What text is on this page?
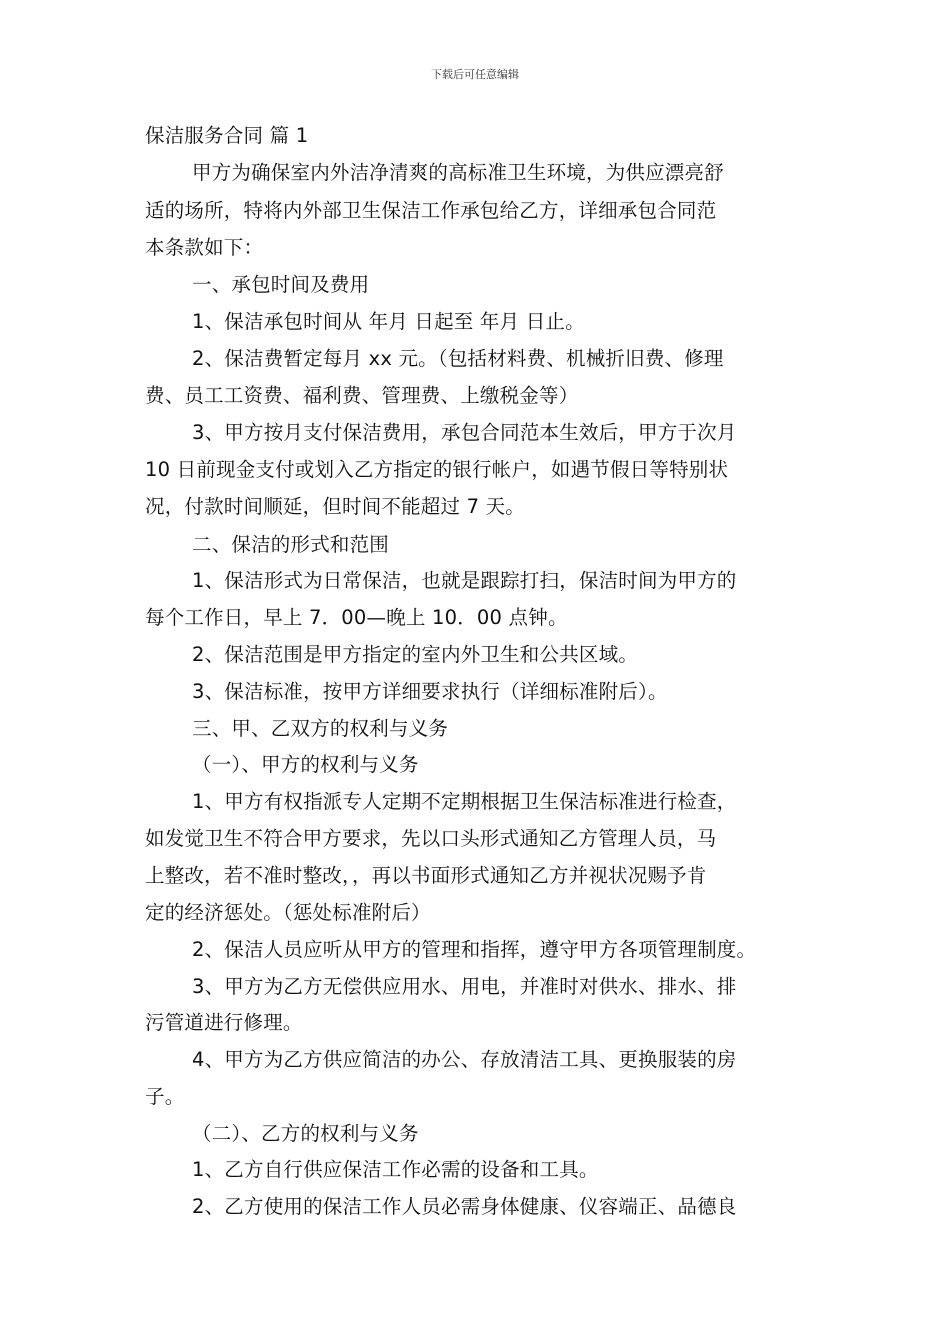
下载后可任意编辑
保洁服务合同 篇 1
甲方为确保室内外洁净清爽的高标准卫生环境，为供应漂亮舒
适的场所，特将内外部卫生保洁工作承包给乙方，详细承包合同范
本条款如下：
一、承包时间及费用
1、保洁承包时间从 年月 日起至 年月 日止。
2、保洁费暂定每月 xx 元。（包括材料费、机械折旧费、修理
费、员工工资费、福利费、管理费、上缴税金等）
3、甲方按月支付保洁费用，承包合同范本生效后，甲方于次月
10 日前现金支付或划入乙方指定的银行帐户，如遇节假日等特别状
况，付款时间顺延，但时间不能超过 7 天。
二、保洁的形式和范围
1、保洁形式为日常保洁，也就是跟踪打扫，保洁时间为甲方的
每个工作日，早上 7．00—晚上 10．00 点钟。
2、保洁范围是甲方指定的室内外卫生和公共区域。
3、保洁标准，按甲方详细要求执行（详细标准附后）。
三、甲、乙双方的权利与义务
（一）、甲方的权利与义务
1、甲方有权指派专人定期不定期根据卫生保洁标准进行检查，
如发觉卫生不符合甲方要求，先以口头形式通知乙方管理人员，马
上整改，若不准时整改，，再以书面形式通知乙方并视状况赐予肯
定的经济惩处。（惩处标准附后）
2、保洁人员应听从甲方的管理和指挥，遵守甲方各项管理制度。
3、甲方为乙方无偿供应用水、用电，并准时对供水、排水、排
污管道进行修理。
4、甲方为乙方供应简洁的办公、存放清洁工具、更换服装的房
子。
（二）、乙方的权利与义务
1、乙方自行供应保洁工作必需的设备和工具。
2、乙方使用的保洁工作人员必需身体健康、仪容端正、品德良
